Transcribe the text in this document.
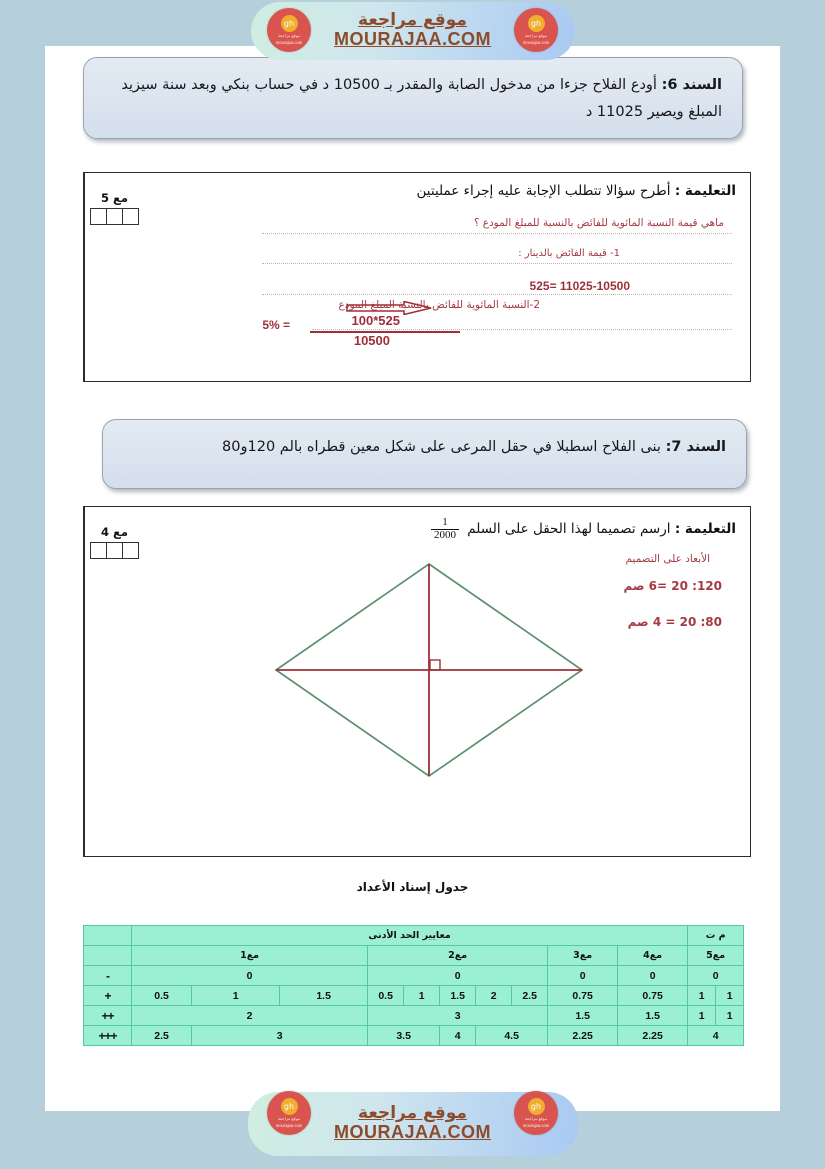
gh
موقع مراجعة
mourajaa.com
موقع مراجعة
MOURAJAA.COM
gh
موقع مراجعة
mourajaa.com
السند 6: أودع الفلاح جزءا من مدخول الصابة والمقدر بـ 10500 د في حساب بنكي وبعد سنة سيزيد المبلغ ويصير 11025 د
التعليمة : أطرح سؤالا تتطلب الإجابة عليه إجراء عمليتين
ماهي قيمة النسبة المائوية للفائض بالنسبة للمبلغ المودع ؟
1- قيمة الفائض بالدينار :
11025-10500 =525
2-النسبة المائوية للفائض بالنسبة المبلغ المودع
525*100
10500
= 5%
مع 5
السند 7: بنى الفلاح اسطبلا في حقل المرعى على شكل معين قطراه بالم 120و80
التعليمة : ارسم تصميما لهذا الحقل على السلم
$\frac{1}{2000}$
الأبعاد على التصميم
120: 20 =6 صم
80: 20 = 4 صم
مع 4
جدول إسناد الأعداد
م ت		معايير الحد الأدنى										
مع5		مع4	مع3	مع2					مع1			
0		0	0	0					0			-
1	1	0.75	0.75	2.5	2	1.5	1	0.5	1.5	1	0.5	+
1	1	1.5	1.5	3					2			++
4		2.25	2.25	4.5		4	3.5		3		2.5	+++
gh
موقع مراجعة
mourajaa.com
موقع مراجعة
MOURAJAA.COM
gh
موقع مراجعة
mourajaa.com
